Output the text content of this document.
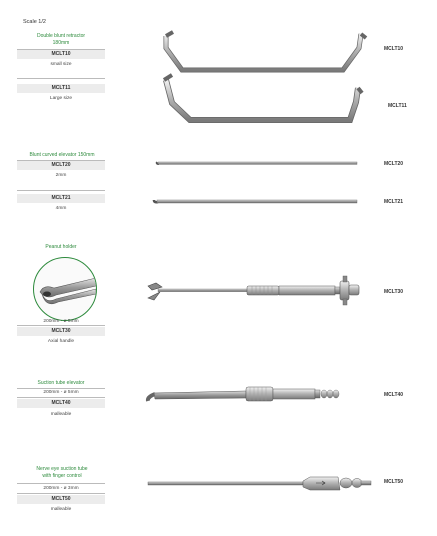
Scale 1/2
Double blunt retractor
180mm
MCLT10
small size
MCLT11
Large size
MCLT10
MCLT11
Blunt curved elevator 150mm
MCLT20
2mm
MCLT21
4mm
MCLT20
MCLT21
Peanut holder
200mm - ø 5mm
MCLT30
Axial handle
MCLT30
Suction tube elevator
200mm - ø 5mm
MCLT40
malleable
MCLT40
Nerve eye suction tube
with finger control
200mm - ø 3mm
MCLT50
malleable
MCLT50
